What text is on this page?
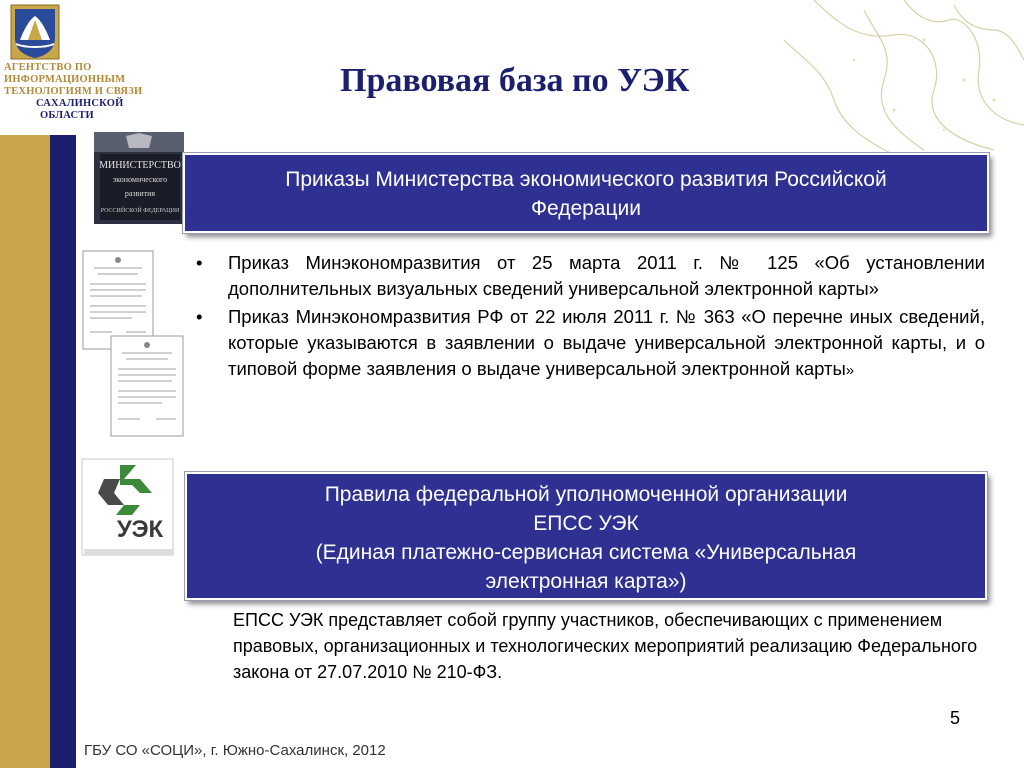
АГЕНТСТВО ПО
ИНФОРМАЦИОННЫМ
ТЕХНОЛОГИЯМ И СВЯЗИ
САХАЛИНСКОЙ
ОБЛАСТИ
Правовая база по УЭК
МИНИСТЕРСТВО
экономического
развития
РОССИЙСКОЙ ФЕДЕРАЦИИ
Приказы Министерства экономического развития Российской
Федерации
• Приказ Минэкономразвития от 25 марта 2011 г. № 125 «Об установлении дополнительных визуальных сведений универсальной электронной карты»
• Приказ Минэкономразвития РФ от 22 июля 2011 г. № 363 «О перечне иных сведений, которые указываются в заявлении о выдаче универсальной электронной карты, и о типовой форме заявления о выдаче универсальной электронной карты»
УЭК
Правила федеральной уполномоченной организации
ЕПСС УЭК
(Единая платежно-сервисная система «Универсальная
электронная карта»)
ЕПСС УЭК представляет собой группу участников, обеспечивающих с применением правовых, организационных и технологических мероприятий реализацию Федерального закона от 27.07.2010 № 210-ФЗ.
5
ГБУ СО «СОЦИ», г. Южно-Сахалинск, 2012
